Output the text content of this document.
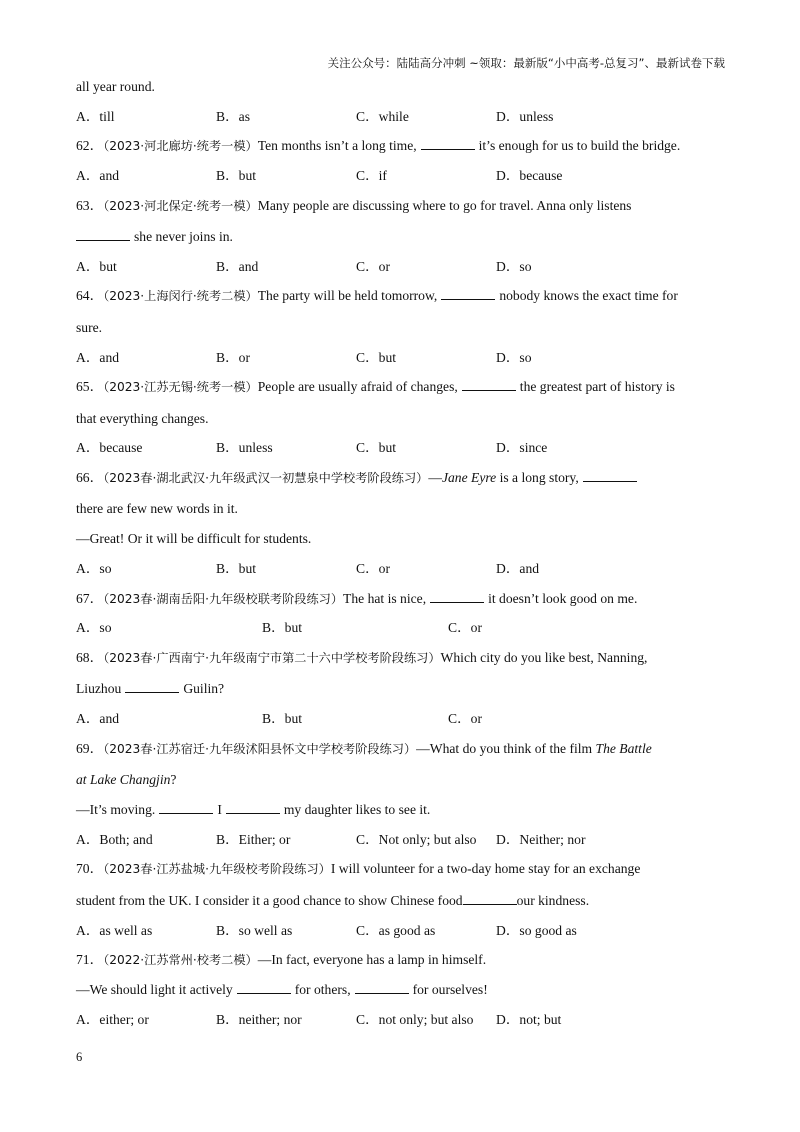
关注公众号：陆陆高分冲刺 ~领取：最新版“小中高考-总复习”、最新试卷下载
all year round.
A．till	B．as	C．while	D．unless
62．（2023·河北廊坊·统考一模）Ten months isn’t a long time,	it’s enough for us to build the bridge.
A．and	B．but	C．if	D．because
63．（2023·河北保定·统考一模）Many people are discussing where to go for travel. Anna only listens
she never joins in.
A．but	B．and	C．or	D．so
64．（2023·上海闵行·统考二模）The party will be held tomorrow,	nobody knows the exact time for
sure.
A．and	B．or	C．but	D．so
65．（2023·江苏无锡·统考一模）People are usually afraid of changes,	the greatest part of history is
that everything changes.
A．because	B．unless	C．but	D．since
66．（2023春·湖北武汉·九年级武汉一初慧泉中学校考阶段练习）—Jane Eyre is a long story,
there are few new words in it.
—Great! Or it will be difficult for students.
A．so	B．but	C．or	D．and
67．（2023春·湖南岳阳·九年级校联考阶段练习）The hat is nice,	it doesn’t look good on me.
A．so	B．but	C．or
68．（2023春·广西南宁·九年级南宁市第二十六中学校考阶段练习）Which city do you like best, Nanning,
Liuzhou	Guilin?
A．and	B．but	C．or
69．（2023春·江苏宿迁·九年级沭阳县怀文中学校考阶段练习）—What do you think of the film The Battle
at Lake Changjin?
—It’s moving.	I	my daughter likes to see it.
A．Both; and	B．Either; or	C．Not only; but also	D．Neither; nor
70．（2023春·江苏盐城·九年级校考阶段练习）I will volunteer for a two-day home stay for an exchange
student from the UK. I consider it a good chance to show Chinese food	our kindness.
A．as well as	B．so well as	C．as good as	D．so good as
71．（2022·江苏常州·校考二模）—In fact, everyone has a lamp in himself.
—We should light it actively	for others,	for ourselves!
A．either; or	B．neither; nor	C．not only; but also	D．not; but
6
